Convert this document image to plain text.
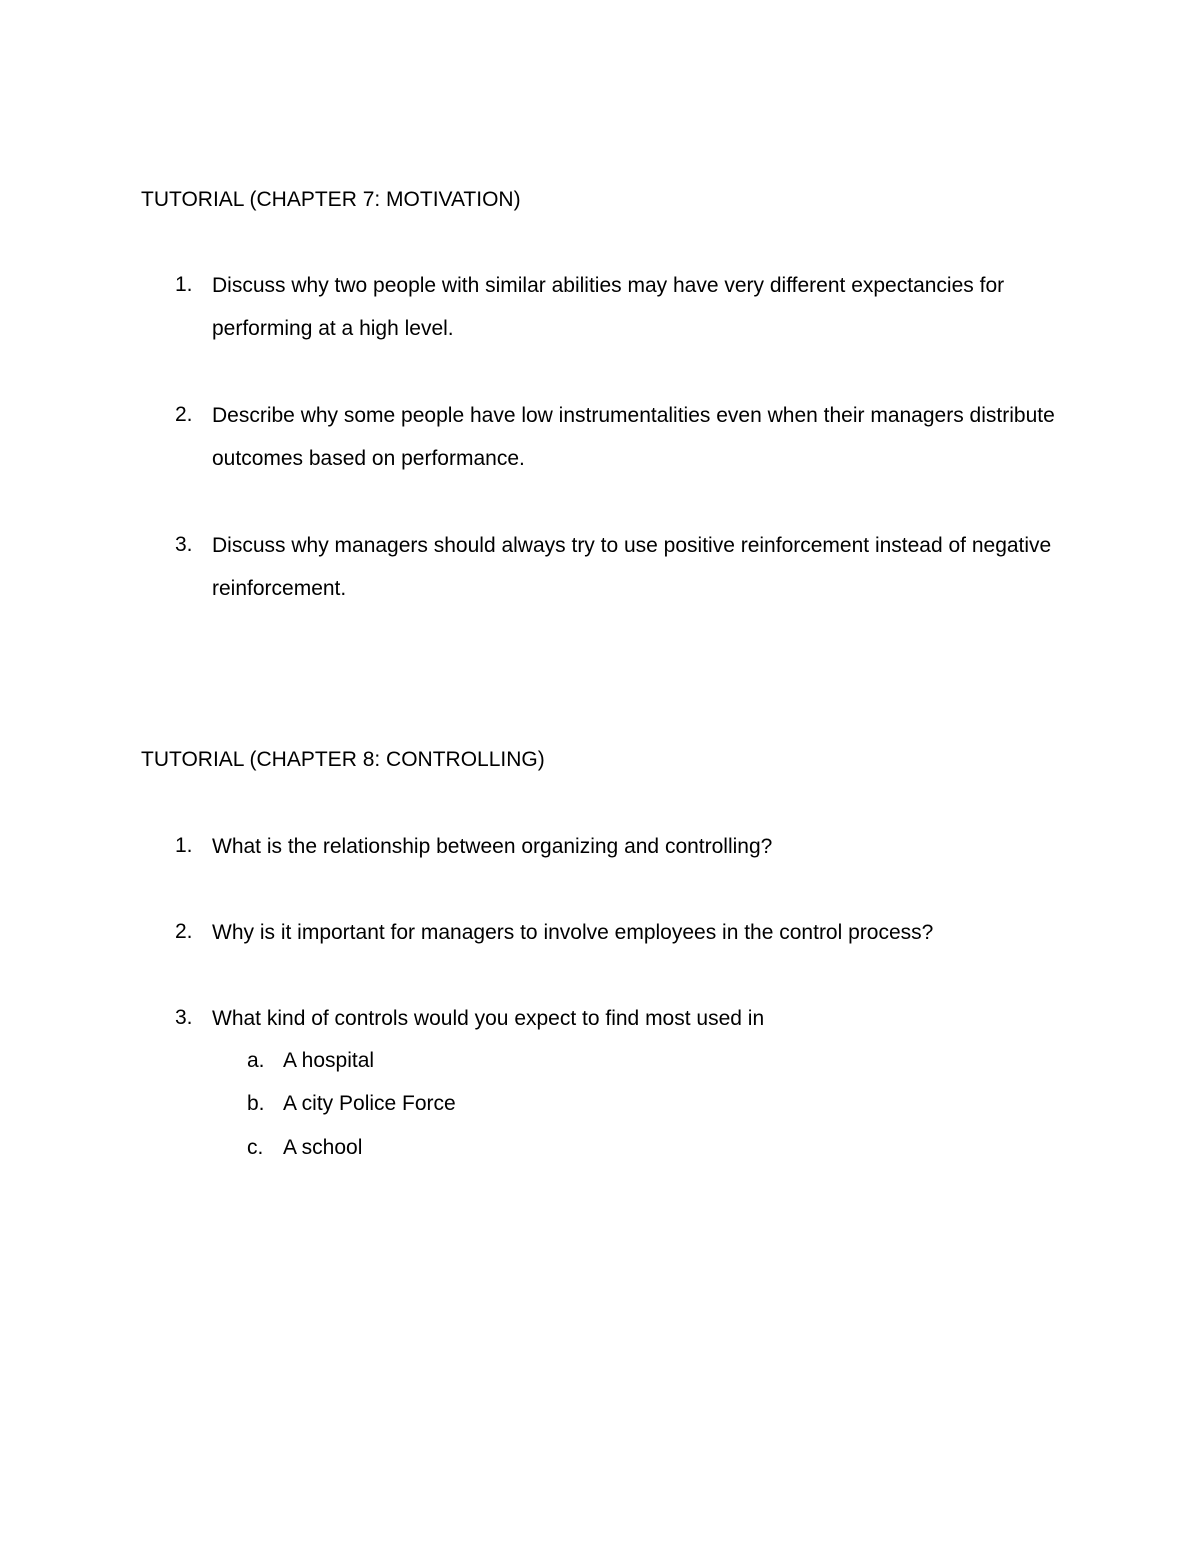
TUTORIAL (CHAPTER 7: MOTIVATION)
1. Discuss why two people with similar abilities may have very different expectancies for performing at a high level.
2. Describe why some people have low instrumentalities even when their managers distribute outcomes based on performance.
3. Discuss why managers should always try to use positive reinforcement instead of negative reinforcement.
TUTORIAL (CHAPTER 8: CONTROLLING)
1. What is the relationship between organizing and controlling?
2. Why is it important for managers to involve employees in the control process?
3. What kind of controls would you expect to find most used in
a. A hospital
b. A city Police Force
c. A school
